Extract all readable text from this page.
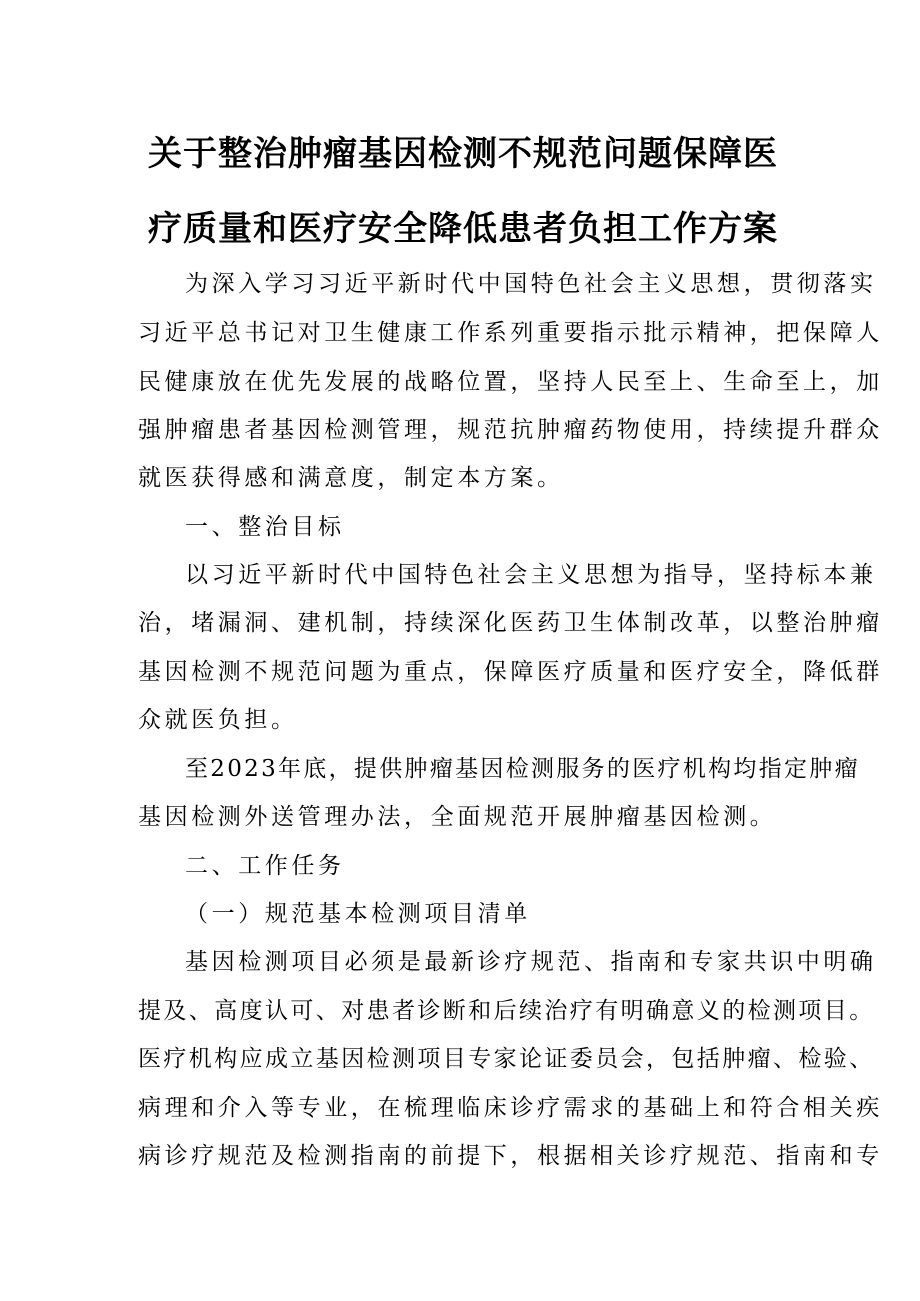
关于整治肿瘤基因检测不规范问题保障医
疗质量和医疗安全降低患者负担工作方案
为深入学习习近平新时代中国特色社会主义思想，贯彻落实
习近平总书记对卫生健康工作系列重要指示批示精神，把保障人
民健康放在优先发展的战略位置，坚持人民至上、生命至上，加
强肿瘤患者基因检测管理，规范抗肿瘤药物使用，持续提升群众
就医获得感和满意度，制定本方案。
一、整治目标
以习近平新时代中国特色社会主义思想为指导，坚持标本兼
治，堵漏洞、建机制，持续深化医药卫生体制改革，以整治肿瘤
基因检测不规范问题为重点，保障医疗质量和医疗安全，降低群
众就医负担。
至2023年底，提供肿瘤基因检测服务的医疗机构均指定肿瘤
基因检测外送管理办法，全面规范开展肿瘤基因检测。
二、工作任务
（一）规范基本检测项目清单
基因检测项目必须是最新诊疗规范、指南和专家共识中明确
提及、高度认可、对患者诊断和后续治疗有明确意义的检测项目。
医疗机构应成立基因检测项目专家论证委员会，包括肿瘤、检验、
病理和介入等专业，在梳理临床诊疗需求的基础上和符合相关疾
病诊疗规范及检测指南的前提下，根据相关诊疗规范、指南和专
